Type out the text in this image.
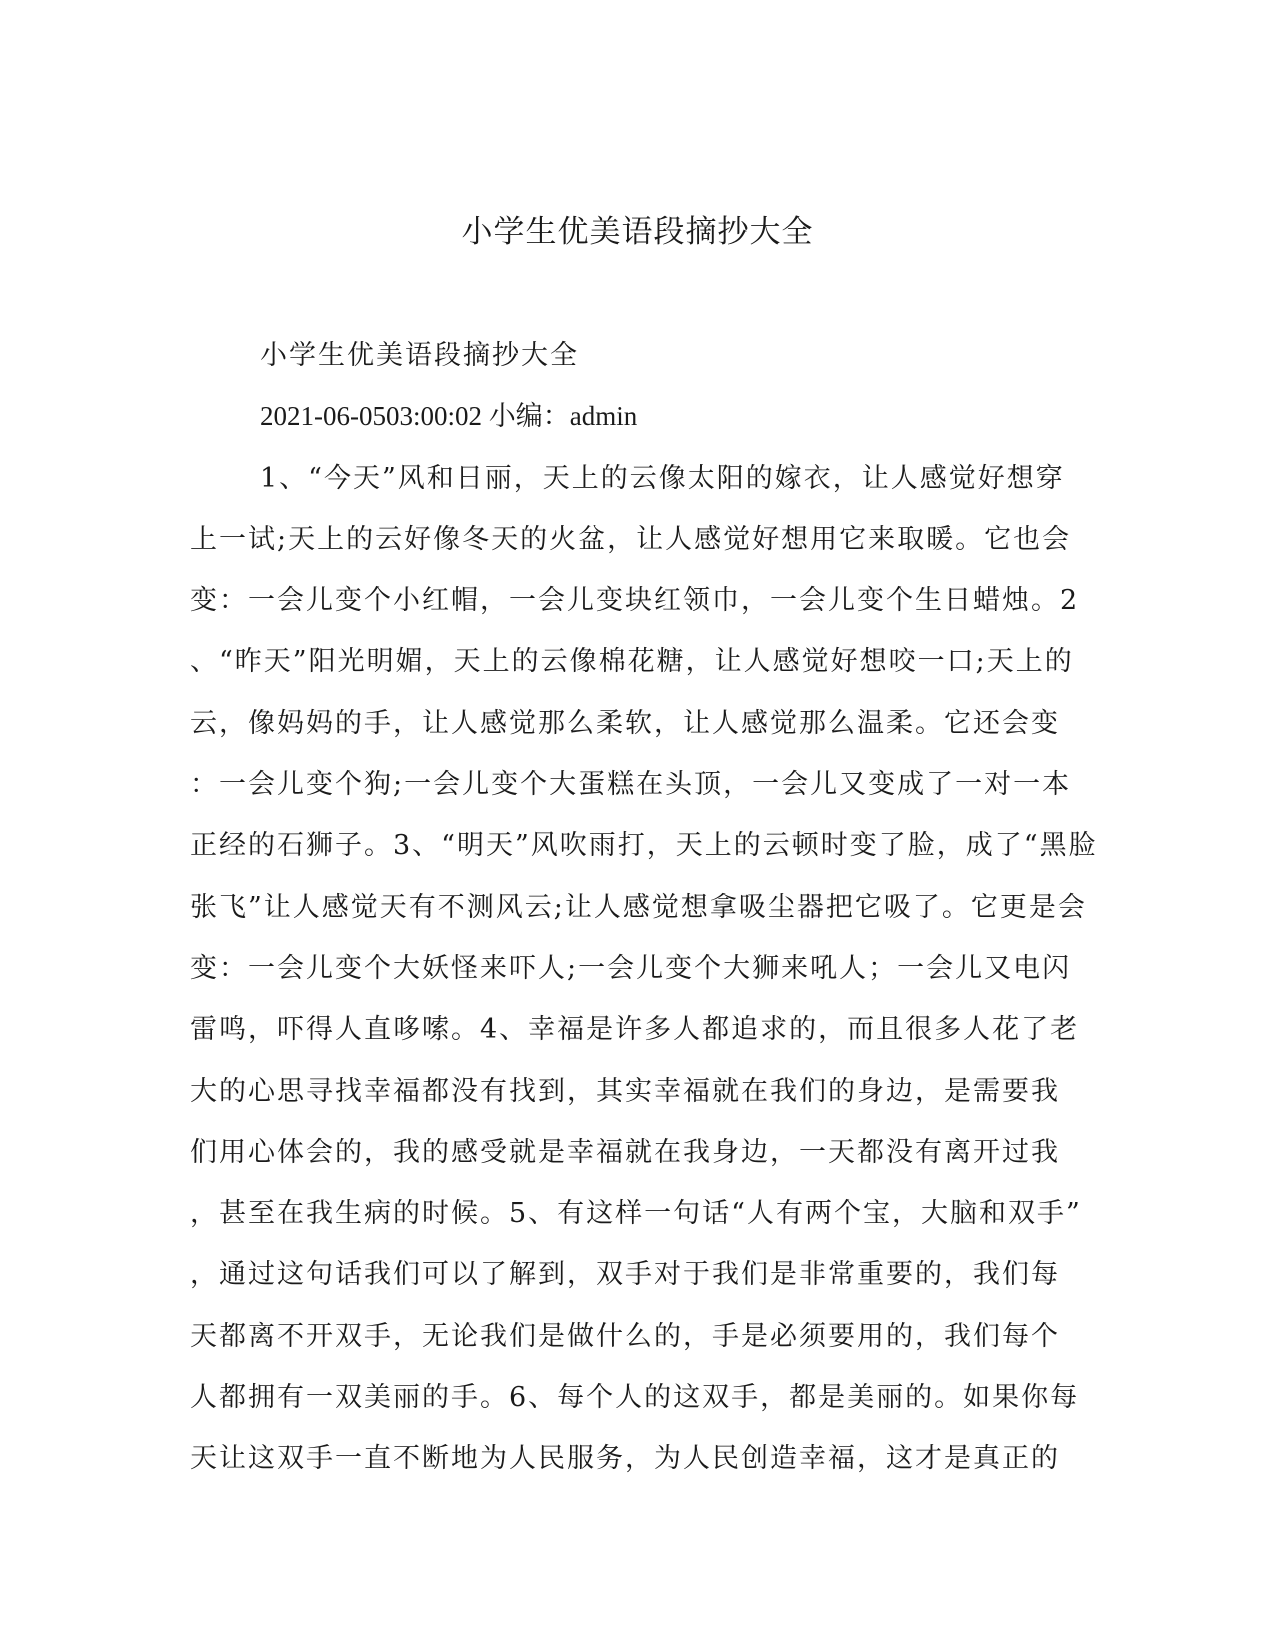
小学生优美语段摘抄大全
小学生优美语段摘抄大全
2021-06-0503:00:02 小编：admin
1、“今天”风和日丽，天上的云像太阳的嫁衣，让人感觉好想穿
上一试;天上的云好像冬天的火盆，让人感觉好想用它来取暖。它也会
变：一会儿变个小红帽，一会儿变块红领巾，一会儿变个生日蜡烛。2
、“昨天”阳光明媚，天上的云像棉花糖，让人感觉好想咬一口;天上的
云，像妈妈的手，让人感觉那么柔软，让人感觉那么温柔。它还会变
：一会儿变个狗;一会儿变个大蛋糕在头顶，一会儿又变成了一对一本
正经的石狮子。3、“明天”风吹雨打，天上的云顿时变了脸，成了“黑脸
张飞”让人感觉天有不测风云;让人感觉想拿吸尘器把它吸了。它更是会
变：一会儿变个大妖怪来吓人;一会儿变个大狮来吼人；一会儿又电闪
雷鸣，吓得人直哆嗦。4、幸福是许多人都追求的，而且很多人花了老
大的心思寻找幸福都没有找到，其实幸福就在我们的身边，是需要我
们用心体会的，我的感受就是幸福就在我身边，一天都没有离开过我
，甚至在我生病的时候。5、有这样一句话“人有两个宝，大脑和双手”
，通过这句话我们可以了解到，双手对于我们是非常重要的，我们每
天都离不开双手，无论我们是做什么的，手是必须要用的，我们每个
人都拥有一双美丽的手。6、每个人的这双手，都是美丽的。如果你每
天让这双手一直不断地为人民服务，为人民创造幸福，这才是真正的
